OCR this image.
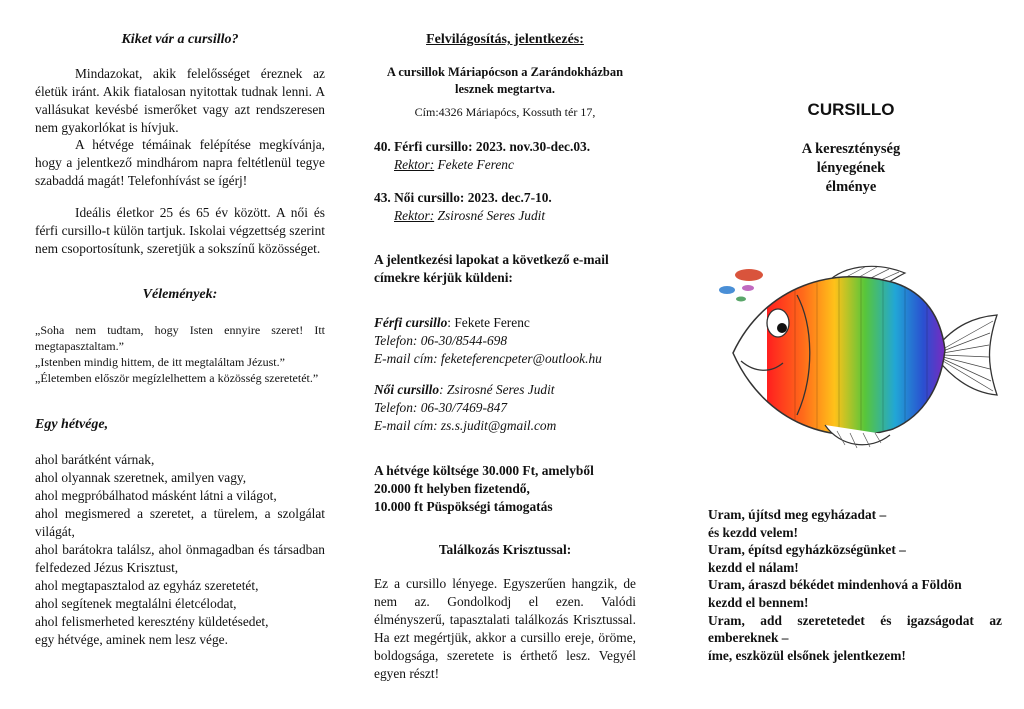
Kiket vár a cursillo?

Mindazokat, akik felelősséget éreznek az életük iránt. Akik fiatalosan nyitottak tudnak lenni. A vallásukat kevésbé ismerőket vagy azt rendszeresen nem gyakorlókat is hívjuk.

A hétvége témáinak felépítése megkívánja, hogy a jelentkező mindhárom napra feltétlenül tegye szabaddá magát! Telefonhívást se ígérj!

Ideális életkor 25 és 65 év között. A női és férfi cursillo-t külön tartjuk. Iskolai végzettség szerint nem csoportosítunk, szeretjük a sokszínű közösséget.

Vélemények:

„Soha nem tudtam, hogy Isten ennyire szeret! Itt megtapasztaltam.”

„Istenben mindig hittem, de itt megtaláltam Jézust.”

„Életemben először megízlelhettem a közösség szeretetét.”

Egy hétvége,

ahol barátként várnak,
ahol olyannak szeretnek, amilyen vagy,
ahol megpróbálhatod másként látni a világot,
ahol megismered a szeretet, a türelem, a szolgálat világát,
ahol barátokra találsz, ahol önmagadban és társadban felfedezed Jézus Krisztust,
ahol megtapasztalod az egyház szeretetét,
ahol segítenek megtalálni életcélodat,
ahol felismerheted keresztény küldetésedet,
egy hétvége, aminek nem lesz vége.

Felvilágosítás, jelentkezés:

A cursillok Máriapócson a Zarándokházban lesznek megtartva.

Cím:4326 Máriapócs, Kossuth tér 17,

40. Férfi cursillo: 2023. nov.30-dec.03.

Rektor: Fekete Ferenc

43. Női cursillo: 2023. dec.7-10.

Rektor: Zsirosné Seres Judit

A jelentkezési lapokat a következő e-mail címekre kérjük küldeni:

Férfi cursillo: Fekete Ferenc
Telefon: 06-30/8544-698
E-mail cím: feketeferencpeter@outlook.hu
Női cursillo: Zsirosné Seres Judit
Telefon: 06-30/7469-847
E-mail cím: zs.s.judit@gmail.com
A hétvége költsége 30.000 Ft, amelyből
20.000 ft helyben fizetendő,
10.000 ft Püspökségi támogatás

Találkozás Krisztussal:

Ez a cursillo lényege. Egyszerűen hangzik, de nem az. Gondolkodj el ezen. Valódi élményszerű, tapasztalati találkozás Krisztussal. Ha ezt megértjük, akkor a cursillo ereje, öröme, boldogsága, szeretete is érthető lesz. Vegyél egyen részt!

CURSILLO

A kereszténység
lényegének
élménye
Uram, újítsd meg egyházadat –
és kezdd velem!
Uram, építsd egyházközségünket –
kezdd el nálam!
Uram, áraszd békédet mindenhová a Földön
kezdd el bennem!
Uram, add szeretetedet és igazságodat az embereknek –
íme, eszközül elsőnek jelentkezem!
